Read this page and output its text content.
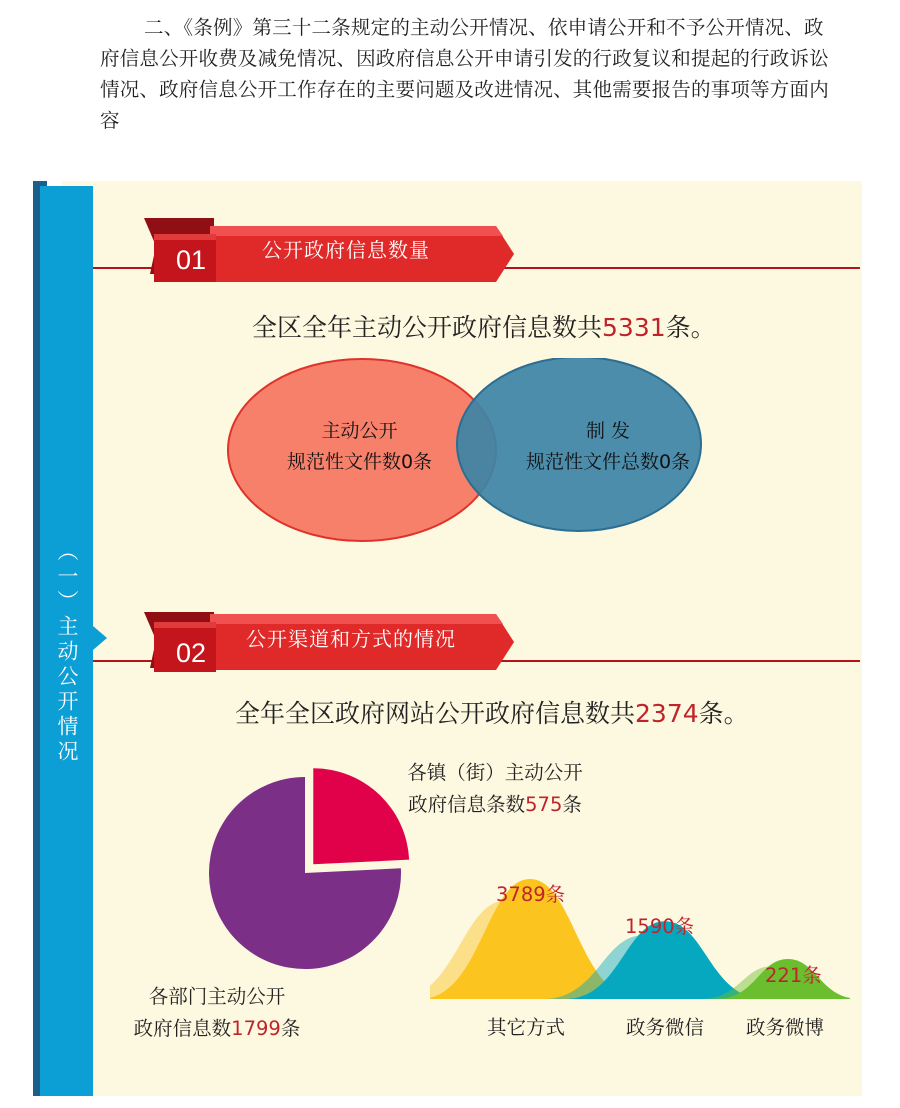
二、《条例》第三十二条规定的主动公开情况、依申请公开和不予公开情况、政府信息公开收费及减免情况、因政府信息公开申请引发的行政复议和提起的行政诉讼情况、政府信息公开工作存在的主要问题及改进情况、其他需要报告的事项等方面内容
（一）主动公开情况
01	公开政府信息数量
全区全年主动公开政府信息数共5331条。
主动公开
规范性文件数0条
制 发
规范性文件总数0条
02 公开渠道和方式的情况
全年全区政府网站公开政府信息数共2374条。
各镇（街）主动公开
政府信息条数575条
各部门主动公开
政府信息数1799条
3789条
1590条
221条
其它方式	政务微信 政务微博
